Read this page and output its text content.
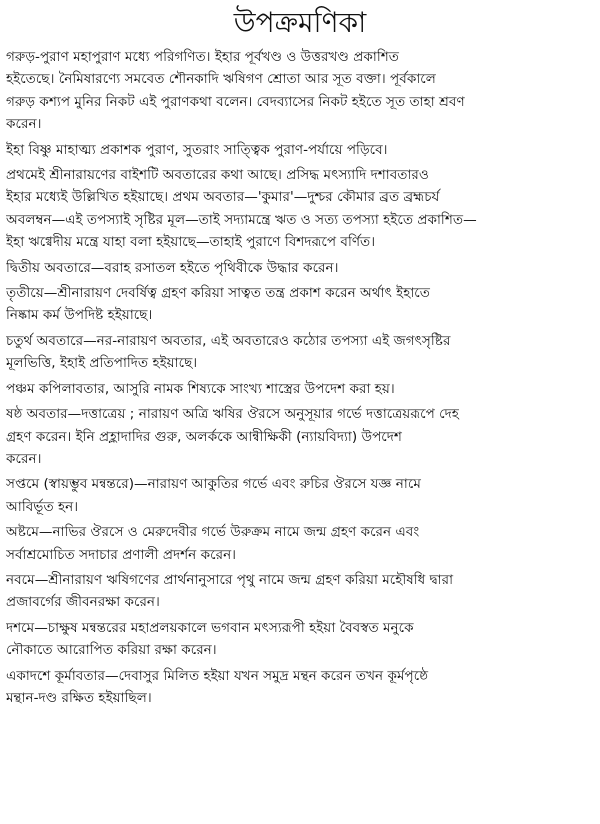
উপক্রমণিকা
গরুড়-পুরাণ মহাপুরাণ মধ্যে পরিগণিত। ইহার পূর্বখণ্ড ও উত্তরখণ্ড প্রকাশিত
হইতেছে। নৈমিষারণ্যে সমবেত শৌনকাদি ঋষিগণ শ্রোতা আর সূত বক্তা। পূর্বকালে
গরুড় কশ্যপ মুনির নিকট এই পুরাণকথা বলেন। বেদব্যাসের নিকট হইতে সূত তাহা শ্রবণ
করেন।
ইহা বিষ্ণু মাহাত্ম্য প্রকাশক পুরাণ, সুতরাং সাত্ত্বিক পুরাণ-পর্যায়ে পড়িবে।
প্রথমেই শ্রীনারায়ণের বাইশটি অবতারের কথা আছে। প্রসিদ্ধ মৎস্যাদি দশাবতারও
ইহার মধ্যেই উল্লিখিত হইয়াছে। প্রথম অবতার—'কুমার'—দুশ্চর কৌমার ব্রত ব্রহ্মচর্য
অবলম্বন—এই তপস্যাই সৃষ্টির মূল—তাই সদ্যামন্ত্রে ঋত ও সত্য তপস্যা হইতে প্রকাশিত—
ইহা ঋগ্বেদীয় মন্ত্রে যাহা বলা হইয়াছে—তাহাই পুরাণে বিশদরূপে বর্ণিত।
দ্বিতীয় অবতারে—বরাহ রসাতল হইতে পৃথিবীকে উদ্ধার করেন।
তৃতীয়ে—শ্রীনারায়ণ দেবর্ষিত্ব গ্রহণ করিয়া সাত্বত তন্ত্র প্রকাশ করেন অর্থাৎ ইহাতে
নিষ্কাম কর্ম উপদিষ্ট হইয়াছে।
চতুর্থ অবতারে—নর-নারায়ণ অবতার, এই অবতারেও কঠোর তপস্যা এই জগৎসৃষ্টির
মূলভিত্তি, ইহাই প্রতিপাদিত হইয়াছে।
পঞ্চম কপিলাবতার, আসুরি নামক শিষ্যকে সাংখ্য শাস্ত্রের উপদেশ করা হয়।
ষষ্ঠ অবতার—দত্তাত্রেয় ; নারায়ণ অত্রি ঋষির ঔরসে অনুসূয়ার গর্ভে দত্তাত্রেয়রূপে দেহ
গ্রহণ করেন। ইনি প্রহ্লাদাদির গুরু, অলর্ককে আন্বীক্ষিকী (ন্যায়বিদ্যা) উপদেশ
করেন।
সপ্তমে (স্বায়ম্ভুব মন্বন্তরে)—নারায়ণ আকুতির গর্ভে এবং রুচির ঔরসে যজ্ঞ নামে
আবির্ভূত হন।
অষ্টমে—নাভির ঔরসে ও মেরুদেবীর গর্ভে উরুক্রম নামে জন্ম গ্রহণ করেন এবং
সর্বাশ্রমোচিত সদাচার প্রণালী প্রদর্শন করেন।
নবমে—শ্রীনারায়ণ ঋষিগণের প্রার্থনানুসারে পৃথু নামে জন্ম গ্রহণ করিয়া মহৌষধি দ্বারা
প্রজাবর্গের জীবনরক্ষা করেন।
দশমে—চাক্ষুষ মন্বন্তরের মহাপ্রলয়কালে ভগবান মৎস্যরূপী হইয়া বৈবস্বত মনুকে
নৌকাতে আরোপিত করিয়া রক্ষা করেন।
একাদশে কূর্মাবতার—দেবাসুর মিলিত হইয়া যখন সমুদ্র মন্থন করেন তখন কূর্মপৃষ্ঠে
মন্থান-দণ্ড রক্ষিত হইয়াছিল।
